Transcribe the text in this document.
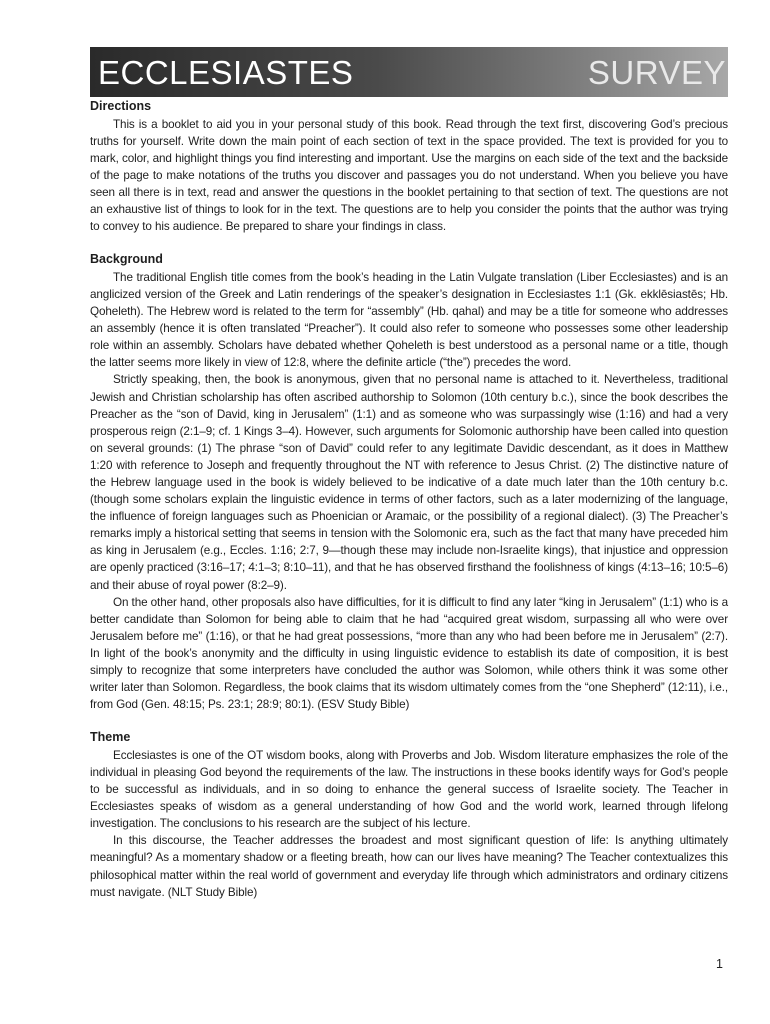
ECCLESIASTES	SURVEY

Directions

This is a booklet to aid you in your personal study of this book. Read through the text first, discovering God’s precious truths for yourself. Write down the main point of each section of text in the space provided. The text is provided for you to mark, color, and highlight things you find interesting and important. Use the margins on each side of the text and the backside of the page to make notations of the truths you discover and passages you do not understand. When you believe you have seen all there is in text, read and answer the questions in the booklet pertaining to that section of text. The questions are not an exhaustive list of things to look for in the text. The questions are to help you consider the points that the author was trying to convey to his audience. Be prepared to share your findings in class.

Background

The traditional English title comes from the book’s heading in the Latin Vulgate translation (Liber Ecclesiastes) and is an anglicized version of the Greek and Latin renderings of the speaker’s designation in Ecclesiastes 1:1 (Gk. ekklēsiastēs; Hb. Qoheleth). The Hebrew word is related to the term for “assembly” (Hb. qahal) and may be a title for someone who addresses an assembly (hence it is often translated “Preacher”). It could also refer to someone who possesses some other leadership role within an assembly. Scholars have debated whether Qoheleth is best understood as a personal name or a title, though the latter seems more likely in view of 12:8, where the definite article (“the”) precedes the word.

Strictly speaking, then, the book is anonymous, given that no personal name is attached to it. Nevertheless, traditional Jewish and Christian scholarship has often ascribed authorship to Solomon (10th century b.c.), since the book describes the Preacher as the “son of David, king in Jerusalem” (1:1) and as someone who was surpassingly wise (1:16) and had a very prosperous reign (2:1–9; cf. 1 Kings 3–4). However, such arguments for Solomonic authorship have been called into question on several grounds: (1) The phrase “son of David” could refer to any legitimate Davidic descendant, as it does in Matthew 1:20 with reference to Joseph and frequently throughout the NT with reference to Jesus Christ. (2) The distinctive nature of the Hebrew language used in the book is widely believed to be indicative of a date much later than the 10th century b.c. (though some scholars explain the linguistic evidence in terms of other factors, such as a later modernizing of the language, the influence of foreign languages such as Phoenician or Aramaic, or the possibility of a regional dialect). (3) The Preacher’s remarks imply a historical setting that seems in tension with the Solomonic era, such as the fact that many have preceded him as king in Jerusalem (e.g., Eccles. 1:16; 2:7, 9—though these may include non-Israelite kings), that injustice and oppression are openly practiced (3:16–17; 4:1–3; 8:10–11), and that he has observed firsthand the foolishness of kings (4:13–16; 10:5–6) and their abuse of royal power (8:2–9).

On the other hand, other proposals also have difficulties, for it is difficult to find any later “king in Jerusalem” (1:1) who is a better candidate than Solomon for being able to claim that he had “acquired great wisdom, surpassing all who were over Jerusalem before me” (1:16), or that he had great possessions, “more than any who had been before me in Jerusalem” (2:7). In light of the book’s anonymity and the difficulty in using linguistic evidence to establish its date of composition, it is best simply to recognize that some interpreters have concluded the author was Solomon, while others think it was some other writer later than Solomon. Regardless, the book claims that its wisdom ultimately comes from the “one Shepherd” (12:11), i.e., from God (Gen. 48:15; Ps. 23:1; 28:9; 80:1). (ESV Study Bible)

Theme

Ecclesiastes is one of the OT wisdom books, along with Proverbs and Job. Wisdom literature emphasizes the role of the individual in pleasing God beyond the requirements of the law. The instructions in these books identify ways for God’s people to be successful as individuals, and in so doing to enhance the general success of Israelite society. The Teacher in Ecclesiastes speaks of wisdom as a general understanding of how God and the world work, learned through lifelong investigation. The conclusions to his research are the subject of his lecture.

In this discourse, the Teacher addresses the broadest and most significant question of life: Is anything ultimately meaningful? As a momentary shadow or a fleeting breath, how can our lives have meaning? The Teacher contextualizes this philosophical matter within the real world of government and everyday life through which administrators and ordinary citizens must navigate. (NLT Study Bible)

1
